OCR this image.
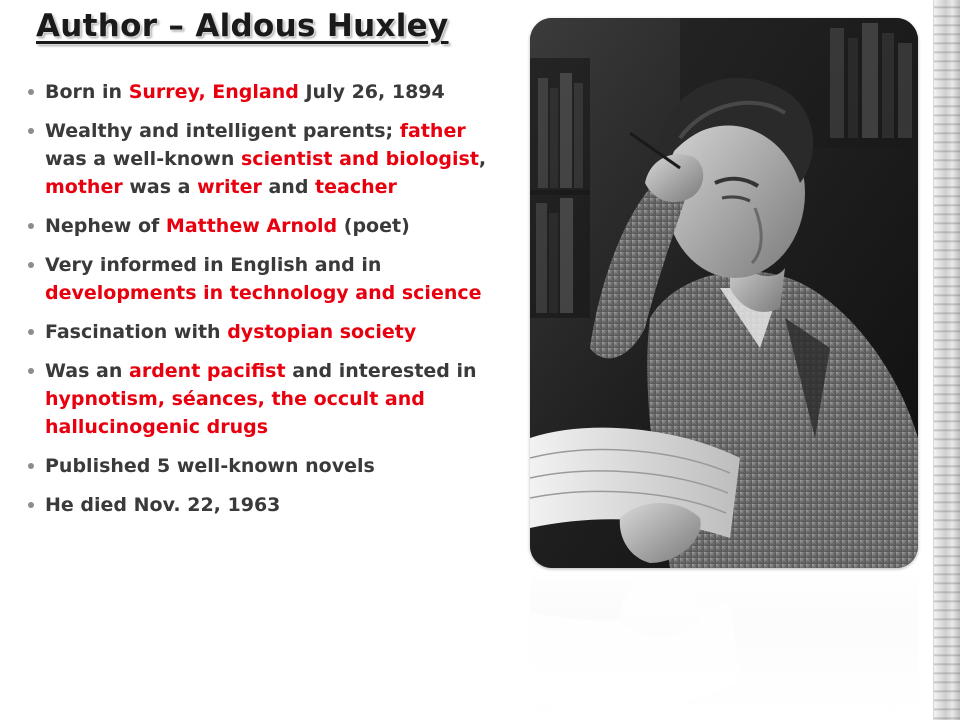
Author – Aldous Huxley
Born in Surrey, England July 26, 1894
Wealthy and intelligent parents; father was a well-known scientist and biologist, mother was a writer and teacher
Nephew of Matthew Arnold (poet)
Very informed in English and in developments in technology and science
Fascination with dystopian society
Was an ardent pacifist and interested in hypnotism, séances, the occult and hallucinogenic drugs
Published 5 well-known novels
He died Nov. 22, 1963
